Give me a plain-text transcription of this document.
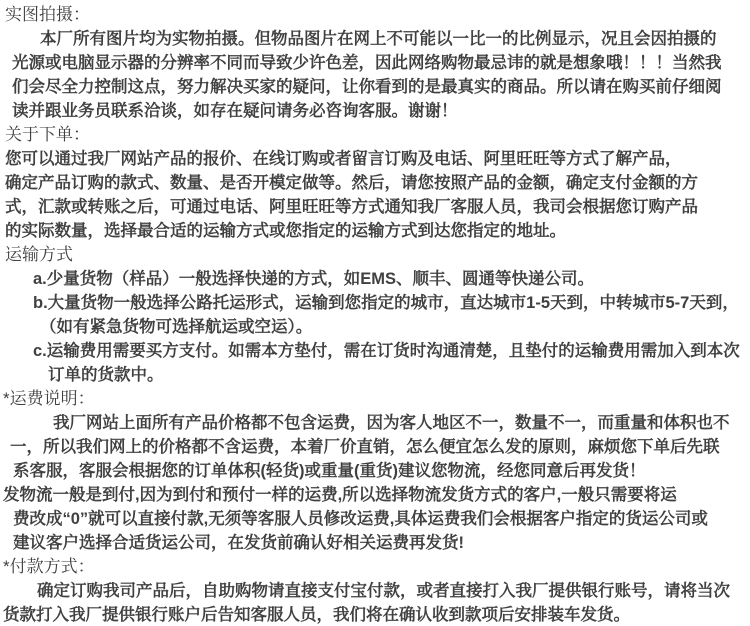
实图拍摄：
本厂所有图片均为实物拍摄。但物品图片在网上不可能以一比一的比例显示，况且会因拍摄的
光源或电脑显示器的分辨率不同而导致少许色差，因此网络购物最忌讳的就是想象哦！！！当然我
们会尽全力控制这点，努力解决买家的疑问，让你看到的是最真实的商品。所以请在购买前仔细阅
读并跟业务员联系洽谈，如存在疑问请务必咨询客服。谢谢！
关于下单：
您可以通过我厂网站产品的报价、在线订购或者留言订购及电话、阿里旺旺等方式了解产品，
确定产品订购的款式、数量、是否开模定做等。然后，请您按照产品的金额，确定支付金额的方
式，汇款或转账之后，可通过电话、阿里旺旺等方式通知我厂客服人员，我司会根据您订购产品
的实际数量，选择最合适的运输方式或您指定的运输方式到达您指定的地址。
运输方式
a.少量货物（样品）一般选择快递的方式，如EMS、顺丰、圆通等快递公司。
b.大量货物一般选择公路托运形式，运输到您指定的城市，直达城市1-5天到，中转城市5-7天到，
（如有紧急货物可选择航运或空运）。
c.运输费用需要买方支付。如需本方垫付，需在订货时沟通清楚，且垫付的运输费用需加入到本次
订单的货款中。
*运费说明：
我厂网站上面所有产品价格都不包含运费，因为客人地区不一，数量不一，而重量和体积也不
一，所以我们网上的价格都不含运费，本着厂价直销，怎么便宜怎么发的原则，麻烦您下单后先联
系客服，客服会根据您的订单体积(轻货)或重量(重货)建议您物流，经您同意后再发货！
发物流一般是到付,因为到付和预付一样的运费,所以选择物流发货方式的客户,一般只需要将运
费改成“0”就可以直接付款,无须等客服人员修改运费,具体运费我们会根据客户指定的货运公司或
建议客户选择合适货运公司，在发货前确认好相关运费再发货!
*付款方式：
确定订购我司产品后，自助购物请直接支付宝付款，或者直接打入我厂提供银行账号，请将当次
货款打入我厂提供银行账户后告知客服人员，我们将在确认收到款项后安排装车发货。
